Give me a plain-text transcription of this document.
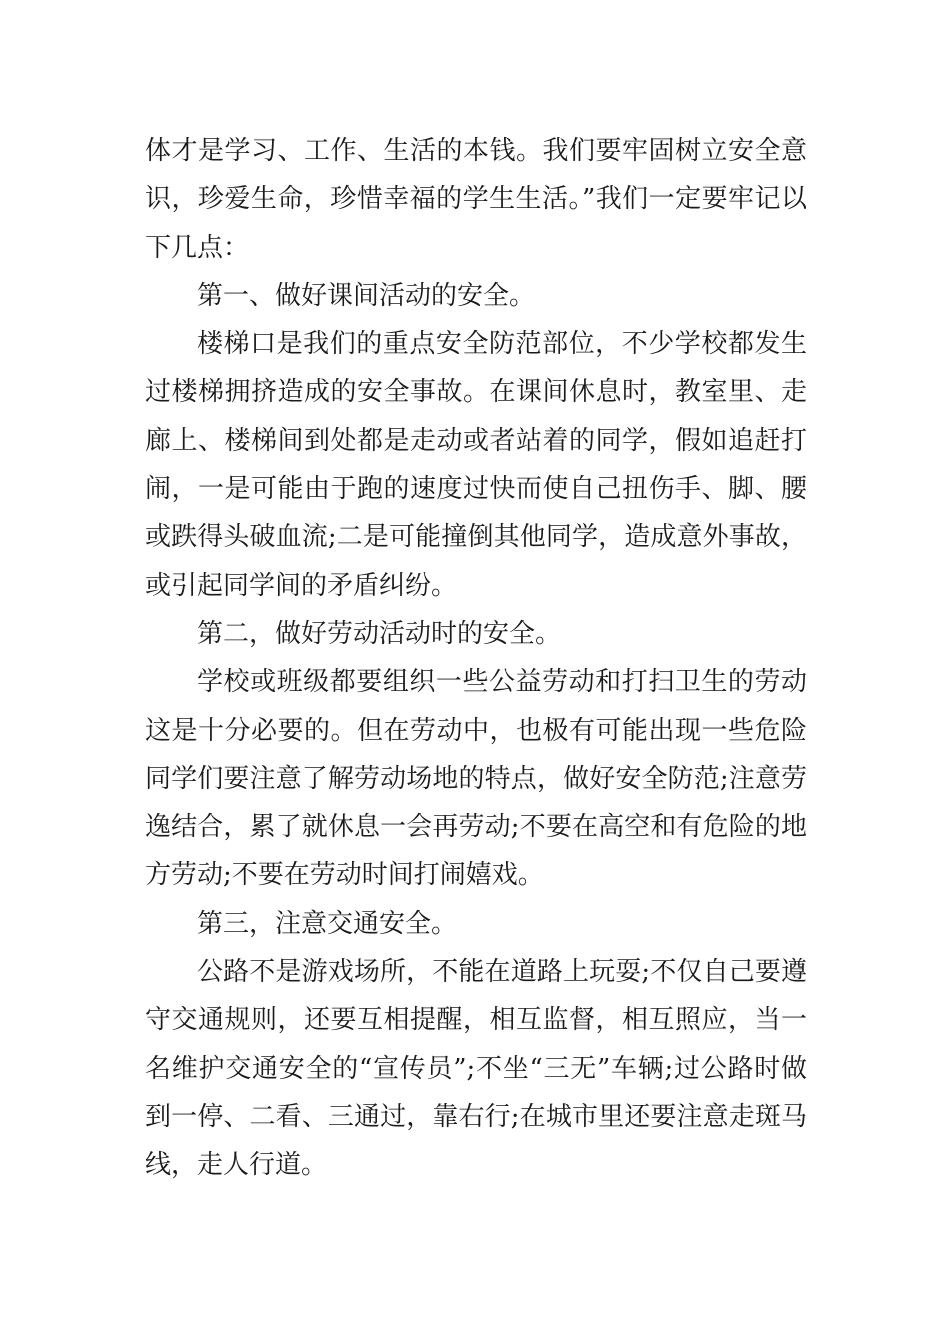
体才是学习、工作、生活的本钱。我们要牢固树立安全意识，珍爱生命，珍惜幸福的学生生活。”我们一定要牢记以下几点：

第一、做好课间活动的安全。

楼梯口是我们的重点安全防范部位，不少学校都发生过楼梯拥挤造成的安全事故。在课间休息时，教室里、走廊上、楼梯间到处都是走动或者站着的同学，假如追赶打闹，一是可能由于跑的速度过快而使自己扭伤手、脚、腰或跌得头破血流;二是可能撞倒其他同学，造成意外事故，或引起同学间的矛盾纠纷。

第二，做好劳动活动时的安全。

学校或班级都要组织一些公益劳动和打扫卫生的劳动这是十分必要的。但在劳动中，也极有可能出现一些危险同学们要注意了解劳动场地的特点，做好安全防范;注意劳逸结合，累了就休息一会再劳动;不要在高空和有危险的地方劳动;不要在劳动时间打闹嬉戏。

第三，注意交通安全。

公路不是游戏场所，不能在道路上玩耍;不仅自己要遵守交通规则，还要互相提醒，相互监督，相互照应，当一名维护交通安全的“宣传员”;不坐“三无”车辆;过公路时做到一停、二看、三通过，靠右行;在城市里还要注意走斑马线，走人行道。
